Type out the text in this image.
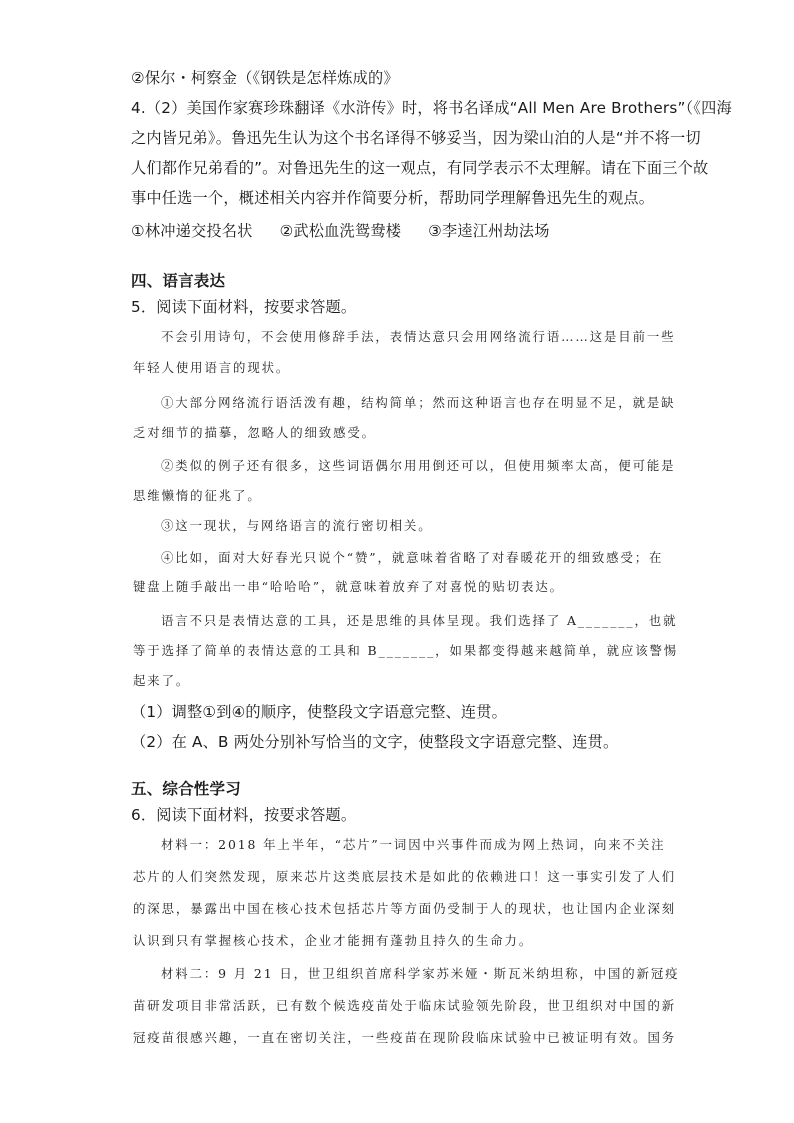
②保尔・柯察金（《钢铁是怎样炼成的》
4.（2）美国作家赛珍珠翻译《水浒传》时，将书名译成“All Men Are Brothers”（《四海
之内皆兄弟》。鲁迅先生认为这个书名译得不够妥当，因为梁山泊的人是“并不将一切
人们都作兄弟看的”。对鲁迅先生的这一观点，有同学表示不太理解。请在下面三个故
事中任选一个，概述相关内容并作简要分析，帮助同学理解鲁迅先生的观点。
①林冲递交投名状 ②武松血洗鸳鸯楼 ③李逵江州劫法场
四、语言表达
5．阅读下面材料，按要求答题。
不会引用诗句，不会使用修辞手法，表情达意只会用网络流行语……这是目前一些
年轻人使用语言的现状。
①大部分网络流行语活泼有趣，结构简单；然而这种语言也存在明显不足，就是缺
乏对细节的描摹，忽略人的细致感受。
②类似的例子还有很多，这些词语偶尔用用倒还可以，但使用频率太高，便可能是
思维懒惰的征兆了。
③这一现状，与网络语言的流行密切相关。
④比如，面对大好春光只说个“赞”，就意味着省略了对春暖花开的细致感受；在
键盘上随手敲出一串“哈哈哈”，就意味着放弃了对喜悦的贴切表达。
语言不只是表情达意的工具，还是思维的具体呈现。我们选择了 A_______，也就
等于选择了简单的表情达意的工具和 B_______，如果都变得越来越简单，就应该警惕
起来了。
（1）调整①到④的顺序，使整段文字语意完整、连贯。
（2）在 A、B 两处分别补写恰当的文字，使整段文字语意完整、连贯。
五、综合性学习
6．阅读下面材料，按要求答题。
材料一：2018 年上半年，“芯片”一词因中兴事件而成为网上热词，向来不关注
芯片的人们突然发现，原来芯片这类底层技术是如此的依赖进口！这一事实引发了人们
的深思，暴露出中国在核心技术包括芯片等方面仍受制于人的现状，也让国内企业深刻
认识到只有掌握核心技术，企业才能拥有蓬勃且持久的生命力。
材料二：9 月 21 日，世卫组织首席科学家苏米娅・斯瓦米纳坦称，中国的新冠疫
苗研发项目非常活跃，已有数个候选疫苗处于临床试验领先阶段，世卫组织对中国的新
冠疫苗很感兴趣，一直在密切关注，一些疫苗在现阶段临床试验中已被证明有效。国务
